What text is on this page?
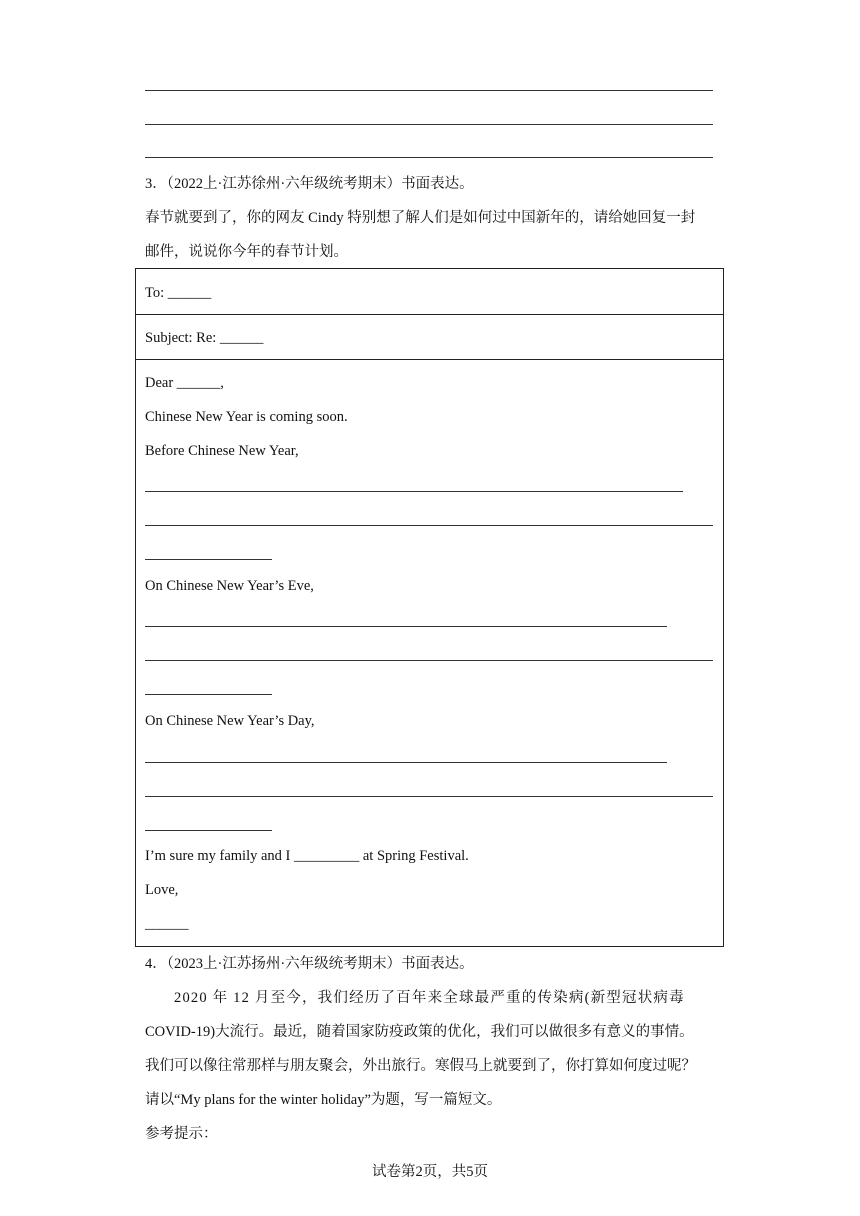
3．（2022上·江苏徐州·六年级统考期末）书面表达。
春节就要到了，你的网友 Cindy 特别想了解人们是如何过中国新年的，请给她回复一封
邮件，说说你今年的春节计划。
To: ______
Subject: Re: ______
Dear ______,
Chinese New Year is coming soon.
Before Chinese New Year,
On Chinese New Year’s Eve,
On Chinese New Year’s Day,
I’m sure my family and I _________ at Spring Festival.
Love,
______
4．（2023上·江苏扬州·六年级统考期末）书面表达。
2020 年 12 月至今，我们经历了百年来全球最严重的传染病(新型冠状病毒
COVID-19)大流行。最近，随着国家防疫政策的优化，我们可以做很多有意义的事情。
我们可以像往常那样与朋友聚会，外出旅行。寒假马上就要到了，你打算如何度过呢？
请以“My plans for the winter holiday”为题，写一篇短文。
参考提示：
试卷第2页，共5页
